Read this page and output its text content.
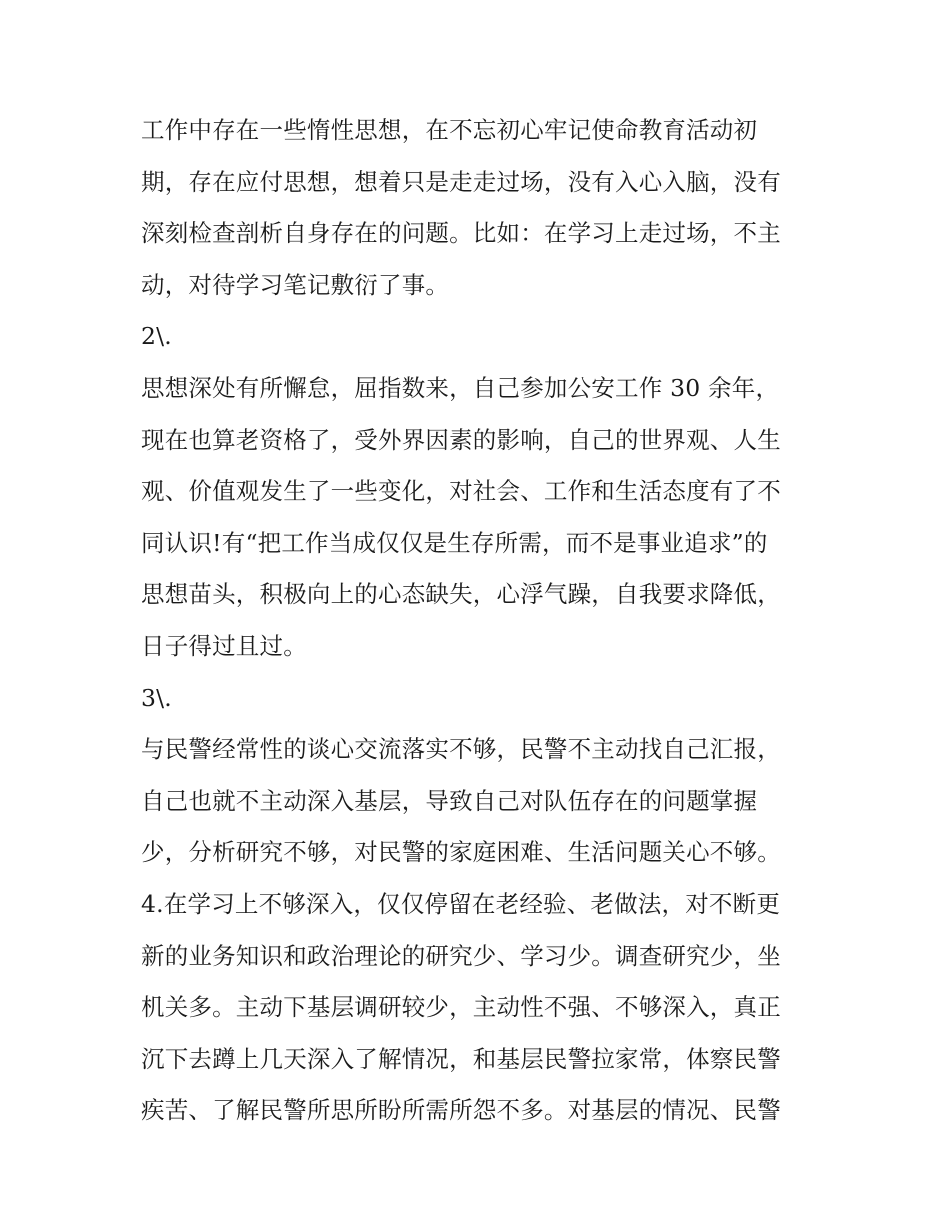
工作中存在一些惰性思想，在不忘初心牢记使命教育活动初
期，存在应付思想，想着只是走走过场，没有入心入脑，没有
深刻检查剖析自身存在的问题。比如：在学习上走过场，不主
动，对待学习笔记敷衍了事。
2\.
思想深处有所懈怠，屈指数来，自己参加公安工作 30 余年，
现在也算老资格了，受外界因素的影响，自己的世界观、人生
观、价值观发生了一些变化，对社会、工作和生活态度有了不
同认识!有“把工作当成仅仅是生存所需，而不是事业追求”的
思想苗头，积极向上的心态缺失，心浮气躁，自我要求降低，
日子得过且过。
3\.
与民警经常性的谈心交流落实不够，民警不主动找自己汇报，
自己也就不主动深入基层，导致自己对队伍存在的问题掌握
少，分析研究不够，对民警的家庭困难、生活问题关心不够。
4.在学习上不够深入，仅仅停留在老经验、老做法，对不断更
新的业务知识和政治理论的研究少、学习少。调查研究少，坐
机关多。主动下基层调研较少，主动性不强、不够深入，真正
沉下去蹲上几天深入了解情况，和基层民警拉家常，体察民警
疾苦、了解民警所思所盼所需所怨不多。对基层的情况、民警
